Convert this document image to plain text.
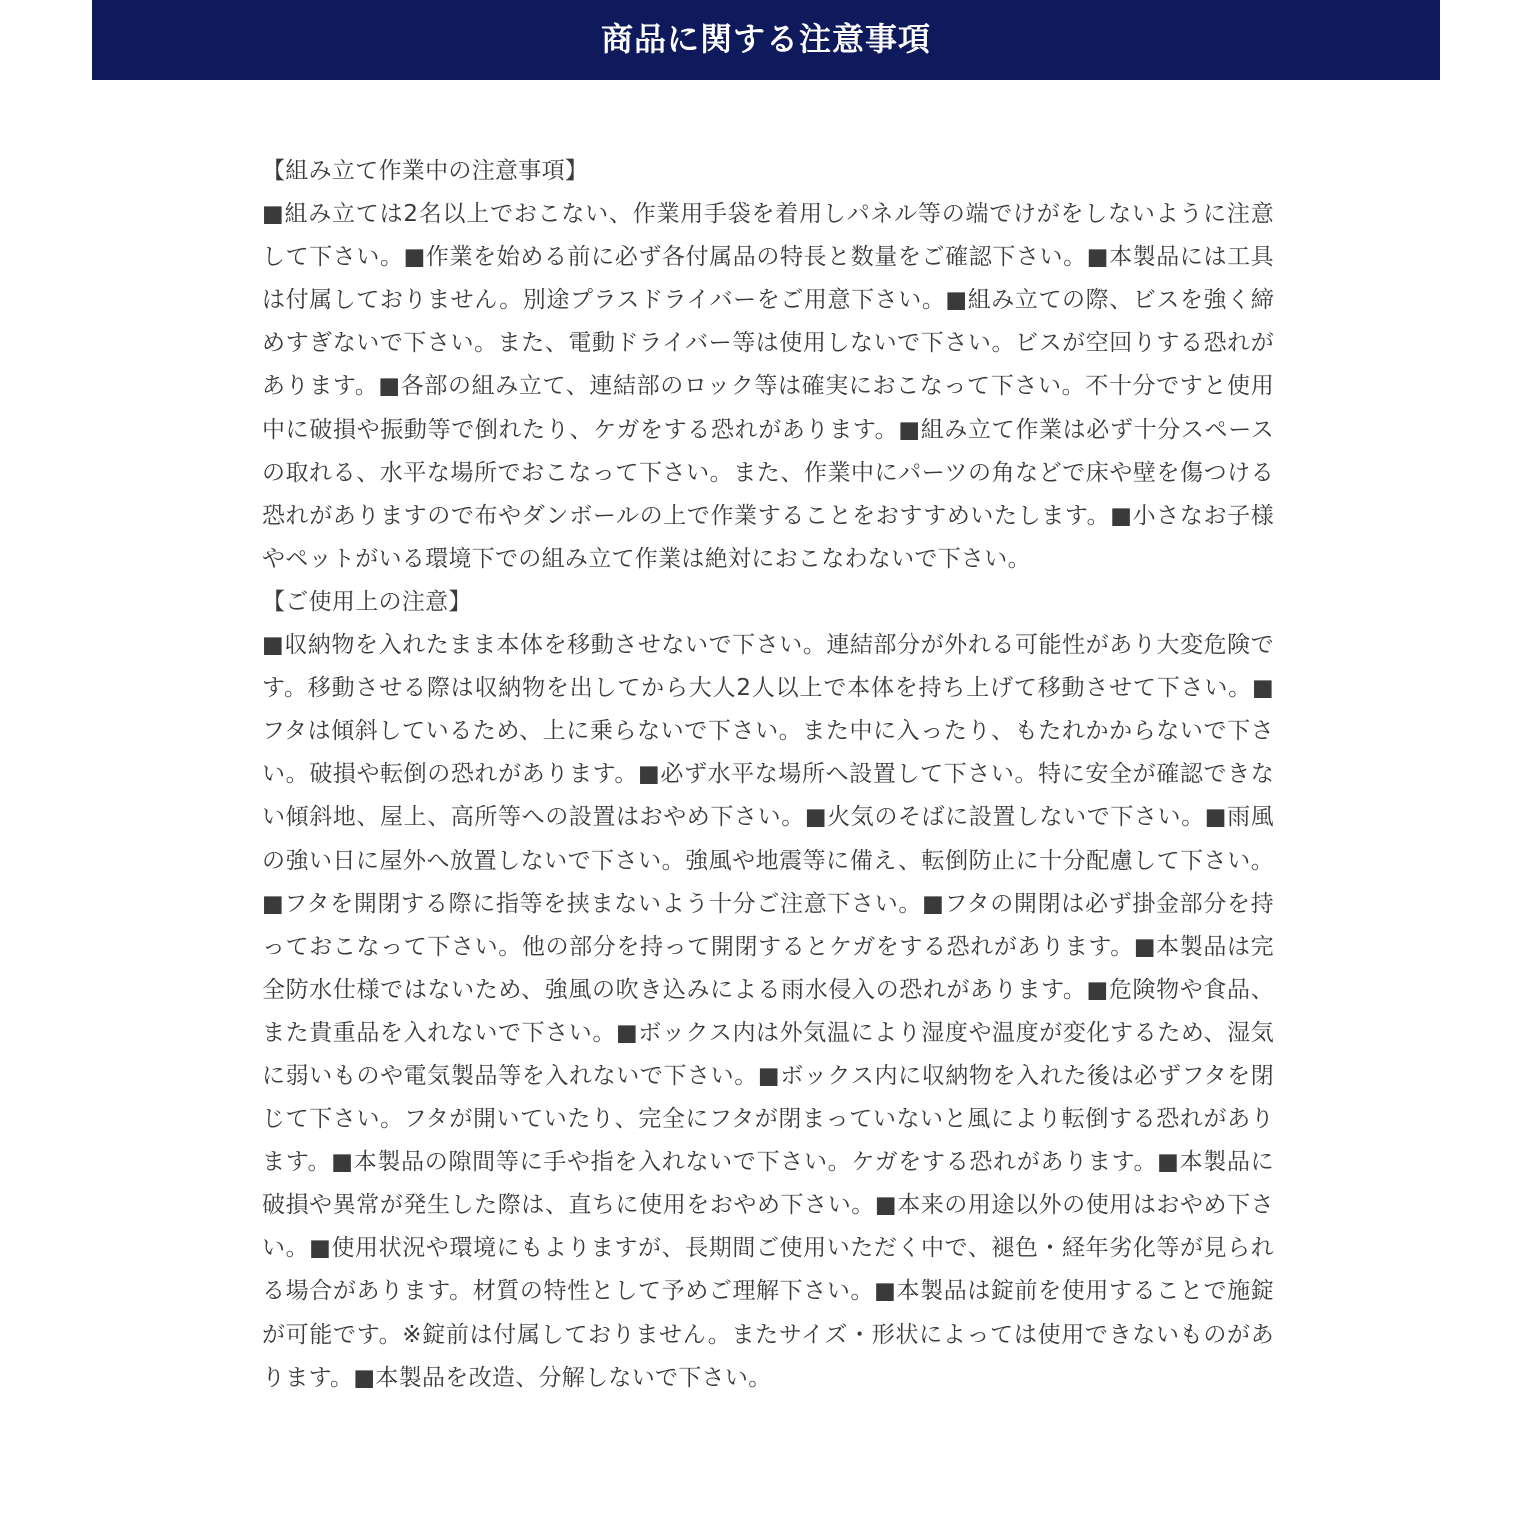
商品に関する注意事項
【組み立て作業中の注意事項】
■組み立ては2名以上でおこない、作業用手袋を着用しパネル等の端でけがをしないように注意して下さい。■作業を始める前に必ず各付属品の特長と数量をご確認下さい。■本製品には工具は付属しておりません。別途プラスドライバーをご用意下さい。■組み立ての際、ビスを強く締めすぎないで下さい。また、電動ドライバー等は使用しないで下さい。ビスが空回りする恐れがあります。■各部の組み立て、連結部のロック等は確実におこなって下さい。不十分ですと使用中に破損や振動等で倒れたり、ケガをする恐れがあります。■組み立て作業は必ず十分スペースの取れる、水平な場所でおこなって下さい。また、作業中にパーツの角などで床や壁を傷つける恐れがありますので布やダンボールの上で作業することをおすすめいたします。■小さなお子様やペットがいる環境下での組み立て作業は絶対におこなわないで下さい。
【ご使用上の注意】
■収納物を入れたまま本体を移動させないで下さい。連結部分が外れる可能性があり大変危険です。移動させる際は収納物を出してから大人2人以上で本体を持ち上げて移動させて下さい。■フタは傾斜しているため、上に乗らないで下さい。また中に入ったり、もたれかからないで下さい。破損や転倒の恐れがあります。■必ず水平な場所へ設置して下さい。特に安全が確認できない傾斜地、屋上、高所等への設置はおやめ下さい。■火気のそばに設置しないで下さい。■雨風の強い日に屋外へ放置しないで下さい。強風や地震等に備え、転倒防止に十分配慮して下さい。■フタを開閉する際に指等を挟まないよう十分ご注意下さい。■フタの開閉は必ず掛金部分を持っておこなって下さい。他の部分を持って開閉するとケガをする恐れがあります。■本製品は完全防水仕様ではないため、強風の吹き込みによる雨水侵入の恐れがあります。■危険物や食品、また貴重品を入れないで下さい。■ボックス内は外気温により湿度や温度が変化するため、湿気に弱いものや電気製品等を入れないで下さい。■ボックス内に収納物を入れた後は必ずフタを閉じて下さい。フタが開いていたり、完全にフタが閉まっていないと風により転倒する恐れがあります。■本製品の隙間等に手や指を入れないで下さい。ケガをする恐れがあります。■本製品に破損や異常が発生した際は、直ちに使用をおやめ下さい。■本来の用途以外の使用はおやめ下さい。■使用状況や環境にもよりますが、長期間ご使用いただく中で、褪色・経年劣化等が見られる場合があります。材質の特性として予めご理解下さい。■本製品は錠前を使用することで施錠が可能です。※錠前は付属しておりません。またサイズ・形状によっては使用できないものがあります。■本製品を改造、分解しないで下さい。
